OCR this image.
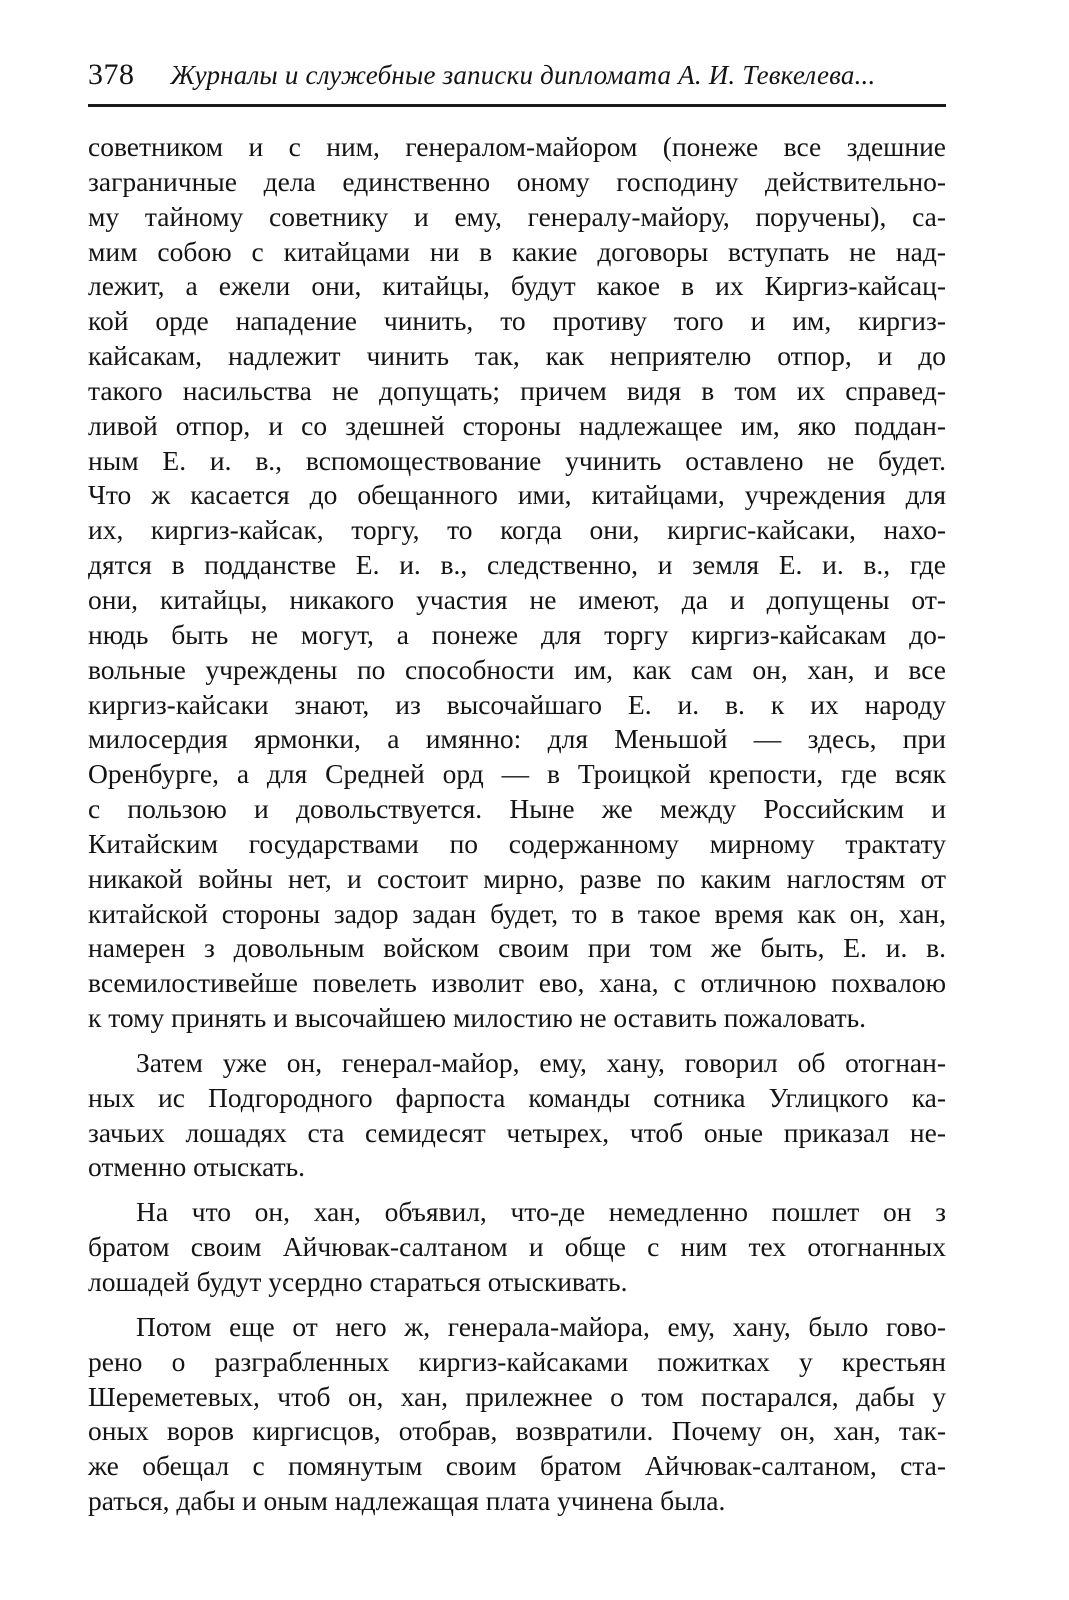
378 Журналы и служебные записки дипломата А. И. Тевкелева...
советником и с ним, генералом-майором (понеже все здешние
заграничные дела единственно оному господину действительно-
му тайному советнику и ему, генералу-майору, поручены), са-
мим собою с китайцами ни в какие договоры вступать не над-
лежит, а ежели они, китайцы, будут какое в их Киргиз-кайсац-
кой орде нападение чинить, то противу того и им, киргиз-
кайсакам, надлежит чинить так, как неприятелю отпор, и до
такого насильства не допущать; причем видя в том их справед-
ливой отпор, и со здешней стороны надлежащее им, яко поддан-
ным Е. и. в., вспомоществование учинить оставлено не будет.
Что ж касается до обещанного ими, китайцами, учреждения для
их, киргиз-кайсак, торгу, то когда они, киргис-кайсаки, нахо-
дятся в подданстве Е. и. в., следственно, и земля Е. и. в., где
они, китайцы, никакого участия не имеют, да и допущены от-
нюдь быть не могут, а понеже для торгу киргиз-кайсакам до-
вольные учреждены по способности им, как сам он, хан, и все
киргиз-кайсаки знают, из высочайшаго Е. и. в. к их народу
милосердия ярмонки, а имянно: для Меньшой — здесь, при
Оренбурге, а для Средней орд — в Троицкой крепости, где всяк
с пользою и довольствуется. Ныне же между Российским и
Китайским государствами по содержанному мирному трактату
никакой войны нет, и состоит мирно, разве по каким наглостям от
китайской стороны задор задан будет, то в такое время как он, хан,
намерен з довольным войском своим при том же быть, Е. и. в.
всемилостивейше повелеть изволит ево, хана, с отличною похвалою
к тому принять и высочайшею милостию не оставить пожаловать.
Затем уже он, генерал-майор, ему, хану, говорил об отогнан-
ных ис Подгородного фарпоста команды сотника Углицкого ка-
зачьих лошадях ста семидесят четырех, чтоб оные приказал не-
отменно отыскать.
На что он, хан, объявил, что-де немедленно пошлет он з
братом своим Айчювак-салтаном и обще с ним тех отогнанных
лошадей будут усердно стараться отыскивать.
Потом еще от него ж, генерала-майора, ему, хану, было гово-
рено о разграбленных киргиз-кайсаками пожитках у крестьян
Шереметевых, чтоб он, хан, прилежнее о том постарался, дабы у
оных воров киргисцов, отобрав, возвратили. Почему он, хан, так-
же обещал с помянутым своим братом Айчювак-салтаном, ста-
раться, дабы и оным надлежащая плата учинена была.
